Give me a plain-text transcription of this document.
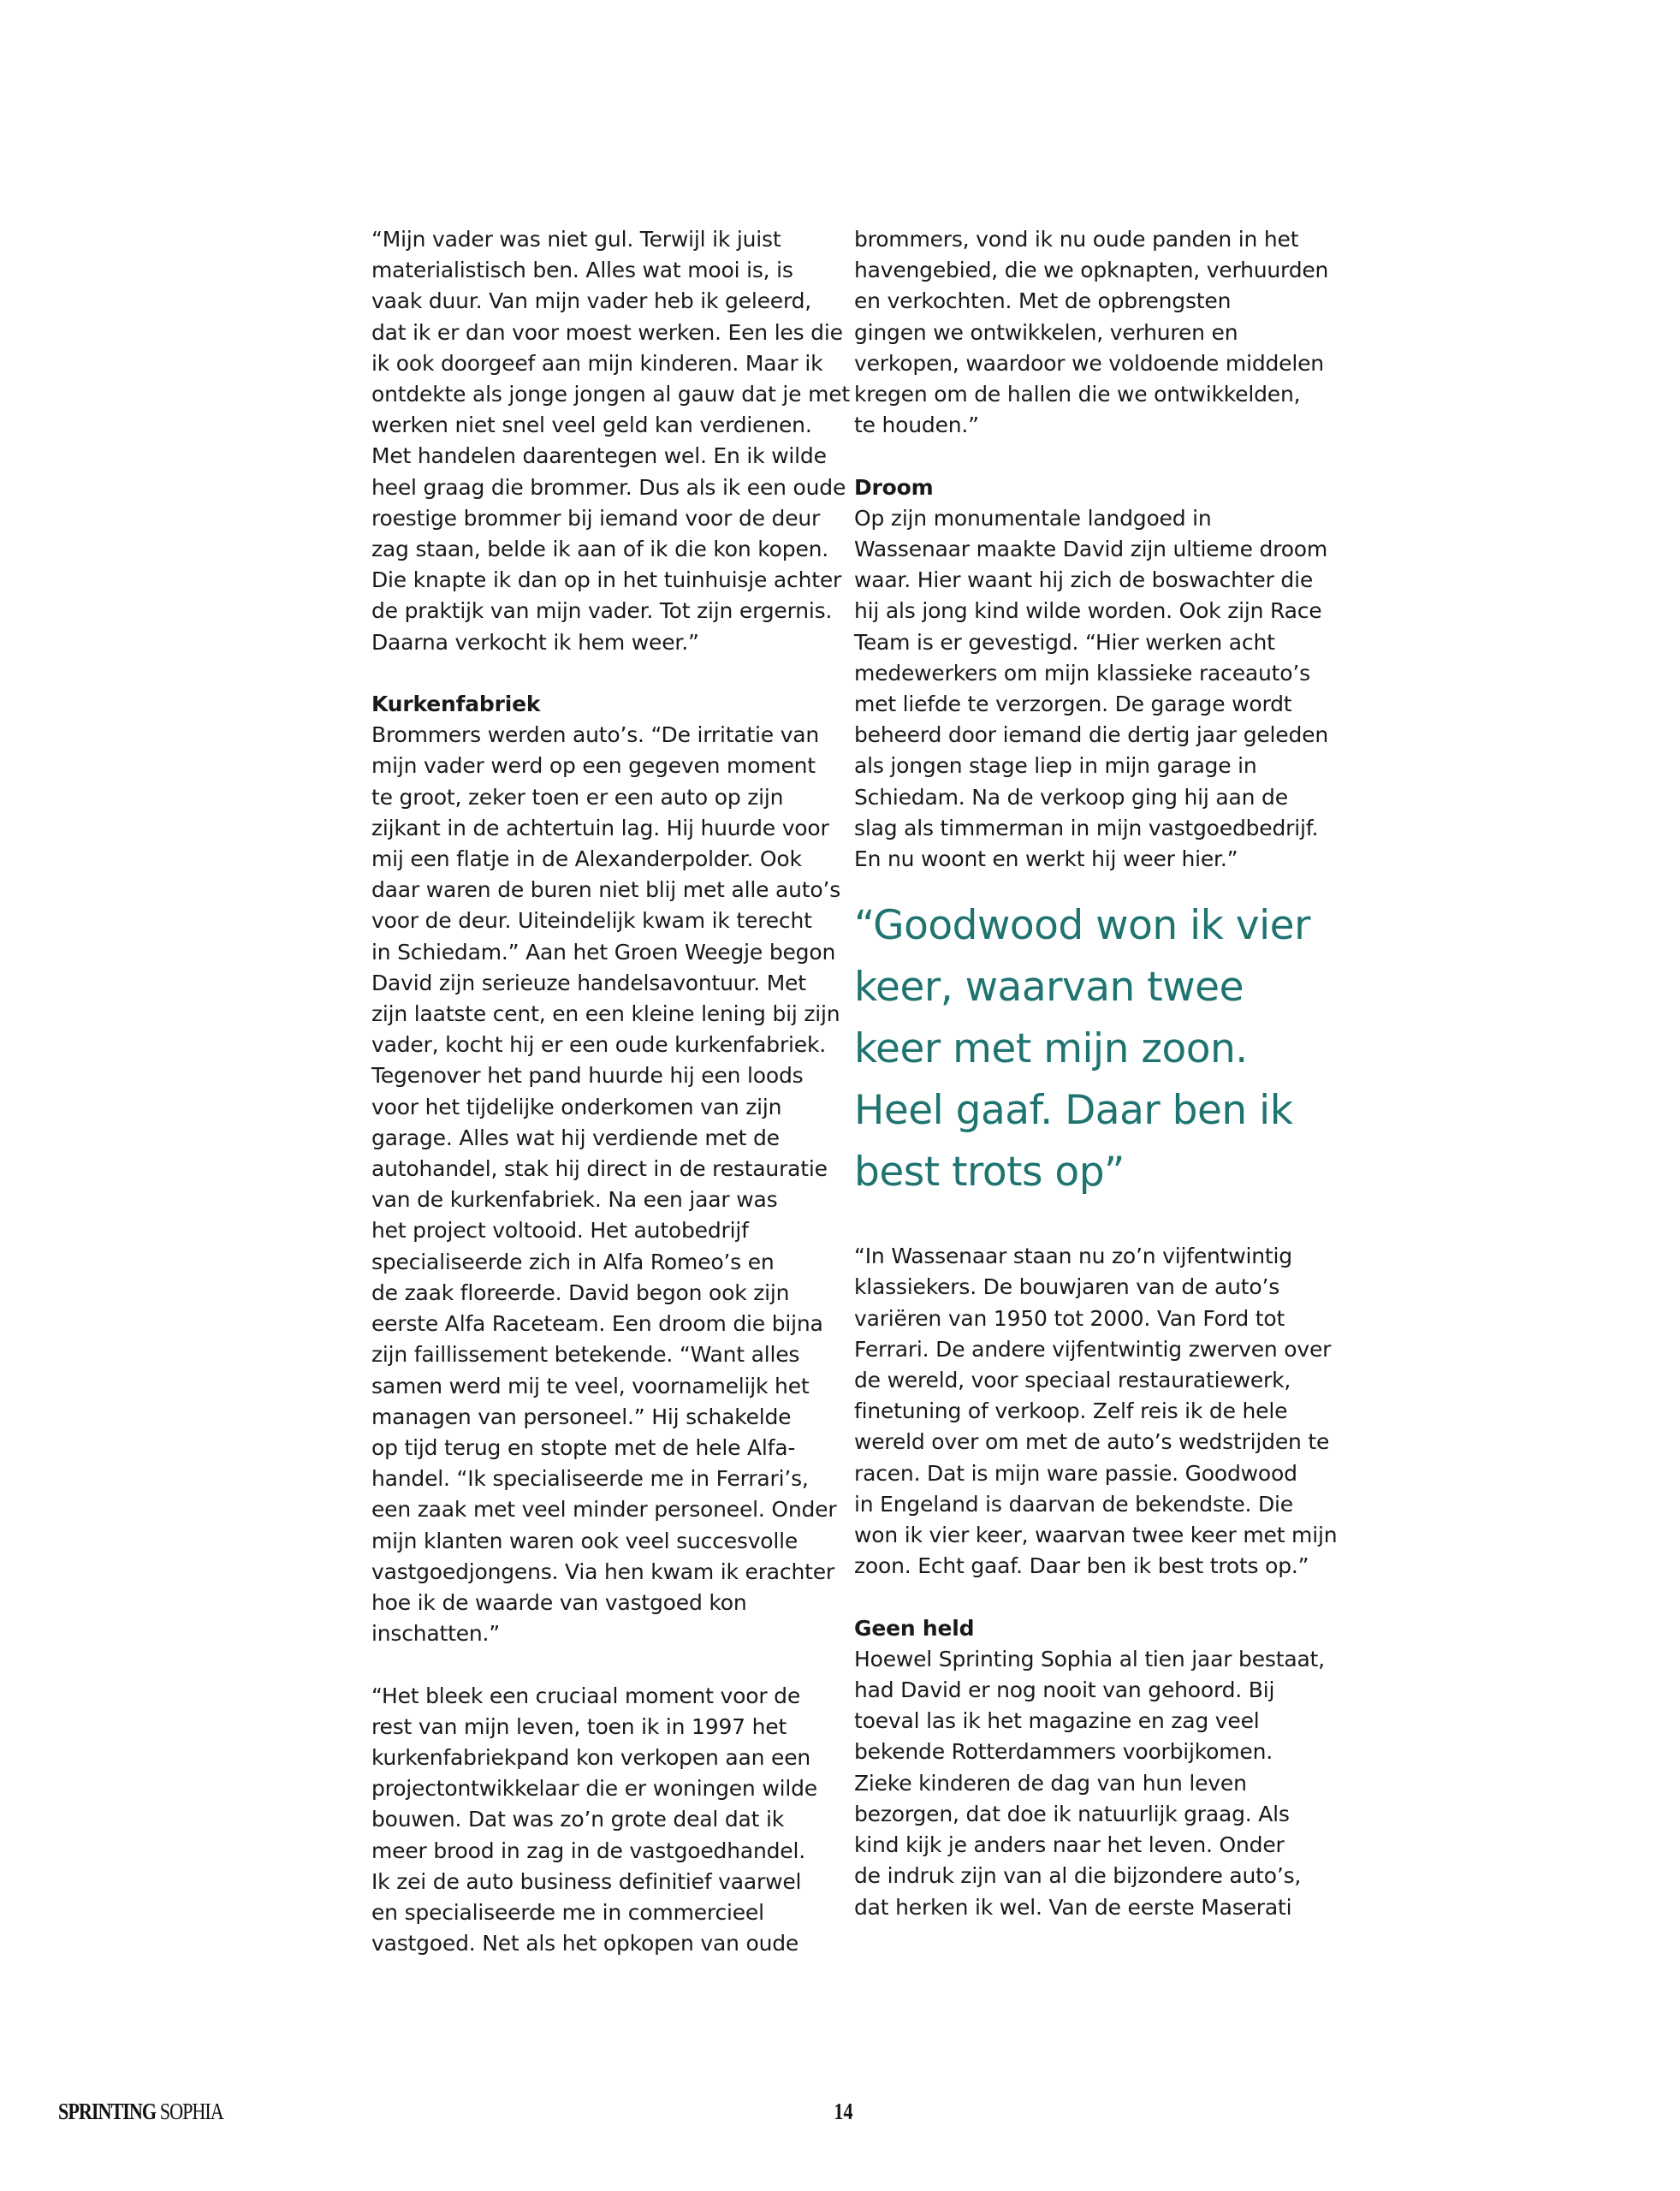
“Mijn vader was niet gul. Terwijl ik juist
materialistisch ben. Alles wat mooi is, is
vaak duur. Van mijn vader heb ik geleerd,
dat ik er dan voor moest werken. Een les die
ik ook doorgeef aan mijn kinderen. Maar ik
ontdekte als jonge jongen al gauw dat je met
werken niet snel veel geld kan verdienen.
Met handelen daarentegen wel. En ik wilde
heel graag die brommer. Dus als ik een oude
roestige brommer bij iemand voor de deur
zag staan, belde ik aan of ik die kon kopen.
Die knapte ik dan op in het tuinhuisje achter
de praktijk van mijn vader. Tot zijn ergernis.
Daarna verkocht ik hem weer.”
Kurkenfabriek
Brommers werden auto’s. “De irritatie van
mijn vader werd op een gegeven moment
te groot, zeker toen er een auto op zijn
zijkant in de achtertuin lag. Hij huurde voor
mij een flatje in de Alexanderpolder. Ook
daar waren de buren niet blij met alle auto’s
voor de deur. Uiteindelijk kwam ik terecht
in Schiedam.” Aan het Groen Weegje begon
David zijn serieuze handelsavontuur. Met
zijn laatste cent, en een kleine lening bij zijn
vader, kocht hij er een oude kurkenfabriek.
Tegenover het pand huurde hij een loods
voor het tijdelijke onderkomen van zijn
garage. Alles wat hij verdiende met de
autohandel, stak hij direct in de restauratie
van de kurkenfabriek. Na een jaar was
het project voltooid. Het autobedrijf
specialiseerde zich in Alfa Romeo’s en
de zaak floreerde. David begon ook zijn
eerste Alfa Raceteam. Een droom die bijna
zijn faillissement betekende. “Want alles
samen werd mij te veel, voornamelijk het
managen van personeel.” Hij schakelde
op tijd terug en stopte met de hele Alfa-
handel. “Ik specialiseerde me in Ferrari’s,
een zaak met veel minder personeel. Onder
mijn klanten waren ook veel succesvolle
vastgoedjongens. Via hen kwam ik erachter
hoe ik de waarde van vastgoed kon
inschatten.”
“Het bleek een cruciaal moment voor de
rest van mijn leven, toen ik in 1997 het
kurkenfabriekpand kon verkopen aan een
projectontwikkelaar die er woningen wilde
bouwen. Dat was zo’n grote deal dat ik
meer brood in zag in de vastgoedhandel.
Ik zei de auto business definitief vaarwel
en specialiseerde me in commercieel
vastgoed. Net als het opkopen van oude
brommers, vond ik nu oude panden in het
havengebied, die we opknapten, verhuurden
en verkochten. Met de opbrengsten
gingen we ontwikkelen, verhuren en
verkopen, waardoor we voldoende middelen
kregen om de hallen die we ontwikkelden,
te houden.”
Droom
Op zijn monumentale landgoed in
Wassenaar maakte David zijn ultieme droom
waar. Hier waant hij zich de boswachter die
hij als jong kind wilde worden. Ook zijn Race
Team is er gevestigd. “Hier werken acht
medewerkers om mijn klassieke raceauto’s
met liefde te verzorgen. De garage wordt
beheerd door iemand die dertig jaar geleden
als jongen stage liep in mijn garage in
Schiedam. Na de verkoop ging hij aan de
slag als timmerman in mijn vastgoedbedrijf.
En nu woont en werkt hij weer hier.”
“Goodwood won ik vier
keer, waarvan twee
keer met mijn zoon.
Heel gaaf. Daar ben ik
best trots op”
“In Wassenaar staan nu zo’n vijfentwintig
klassiekers. De bouwjaren van de auto’s
variëren van 1950 tot 2000. Van Ford tot
Ferrari. De andere vijfentwintig zwerven over
de wereld, voor speciaal restauratiewerk,
finetuning of verkoop. Zelf reis ik de hele
wereld over om met de auto’s wedstrijden te
racen. Dat is mijn ware passie. Goodwood
in Engeland is daarvan de bekendste. Die
won ik vier keer, waarvan twee keer met mijn
zoon. Echt gaaf. Daar ben ik best trots op.”
Geen held
Hoewel Sprinting Sophia al tien jaar bestaat,
had David er nog nooit van gehoord. Bij
toeval las ik het magazine en zag veel
bekende Rotterdammers voorbijkomen.
Zieke kinderen de dag van hun leven
bezorgen, dat doe ik natuurlijk graag. Als
kind kijk je anders naar het leven. Onder
de indruk zijn van al die bijzondere auto’s,
dat herken ik wel. Van de eerste Maserati
SPRINTING SOPHIA	14
